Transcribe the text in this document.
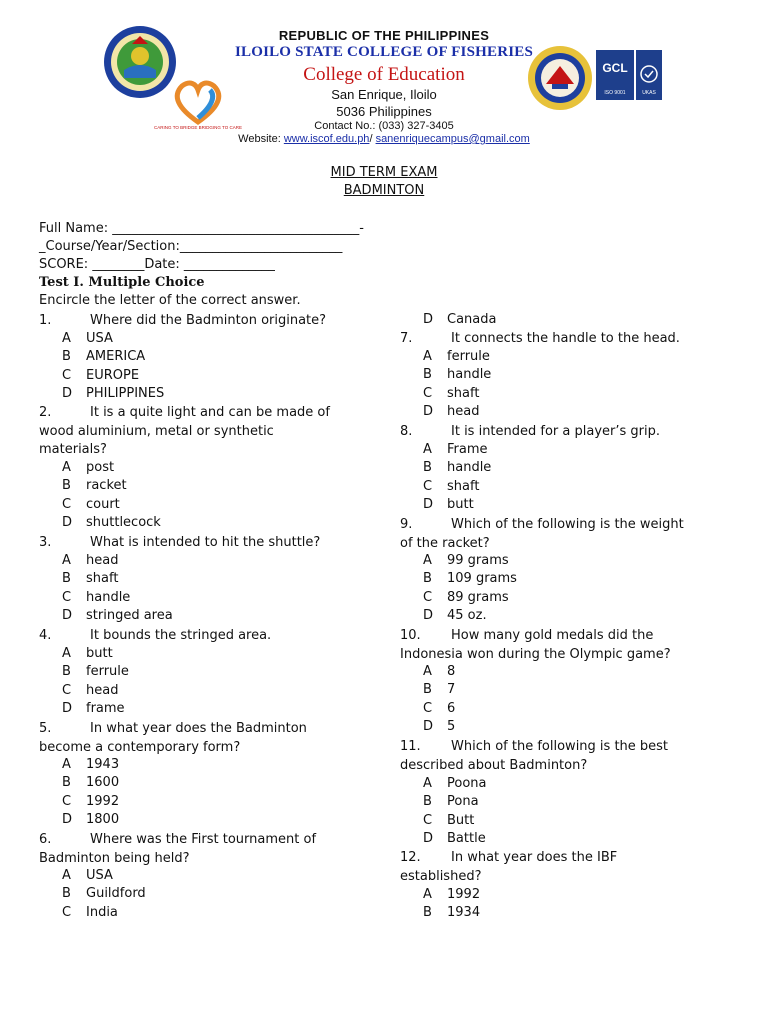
CARING TO BRIDGE BRIDGING TO CARE
GCL
ISO 9001	UKAS
REPUBLIC OF THE PHILIPPINES
ILOILO STATE COLLEGE OF FISHERIES
College of Education
San Enrique, Iloilo
5036 Philippines
Contact No.: (033) 327-3405
Website: www.iscof.edu.ph/ sanenriquecampus@gmail.com
MID TERM EXAM
BADMINTON
Full Name: ______________________________________-
_Course/Year/Section:_________________________
SCORE: ________Date: ______________
Test I. Multiple Choice
Encircle the letter of the correct answer.
1.	Where did the Badminton originate?
A USA
B AMERICA
C EUROPE
D PHILIPPINES
2.	It is a quite light and can be made of wood aluminium, metal or synthetic materials?
A post
B racket
C court
D shuttlecock
3.	What is intended to hit the shuttle?
A head
B shaft
C handle
D stringed area
4.	It bounds the stringed area.
A butt
B ferrule
C head
D frame
5.	In what year does the Badminton become a contemporary form?
A 1943
B 1600
C 1992
D 1800
6.	Where was the First tournament of Badminton being held?
A USA
B Guildford
C India
D Canada
7.	It connects the handle to the head.
A ferrule
B handle
C shaft
D head
8.	It is intended for a player’s grip.
A Frame
B handle
C shaft
D butt
9.	Which of the following is the weight of the racket?
A 99 grams
B 109 grams
C 89 grams
D 45 oz.
10. How many gold medals did the Indonesia won during the Olympic game?
A 8
B 7
C 6
D 5
11. Which of the following is the best described about Badminton?
A Poona
B Pona
C Butt
D Battle
12. In what year does the IBF established?
A 1992
B 1934
